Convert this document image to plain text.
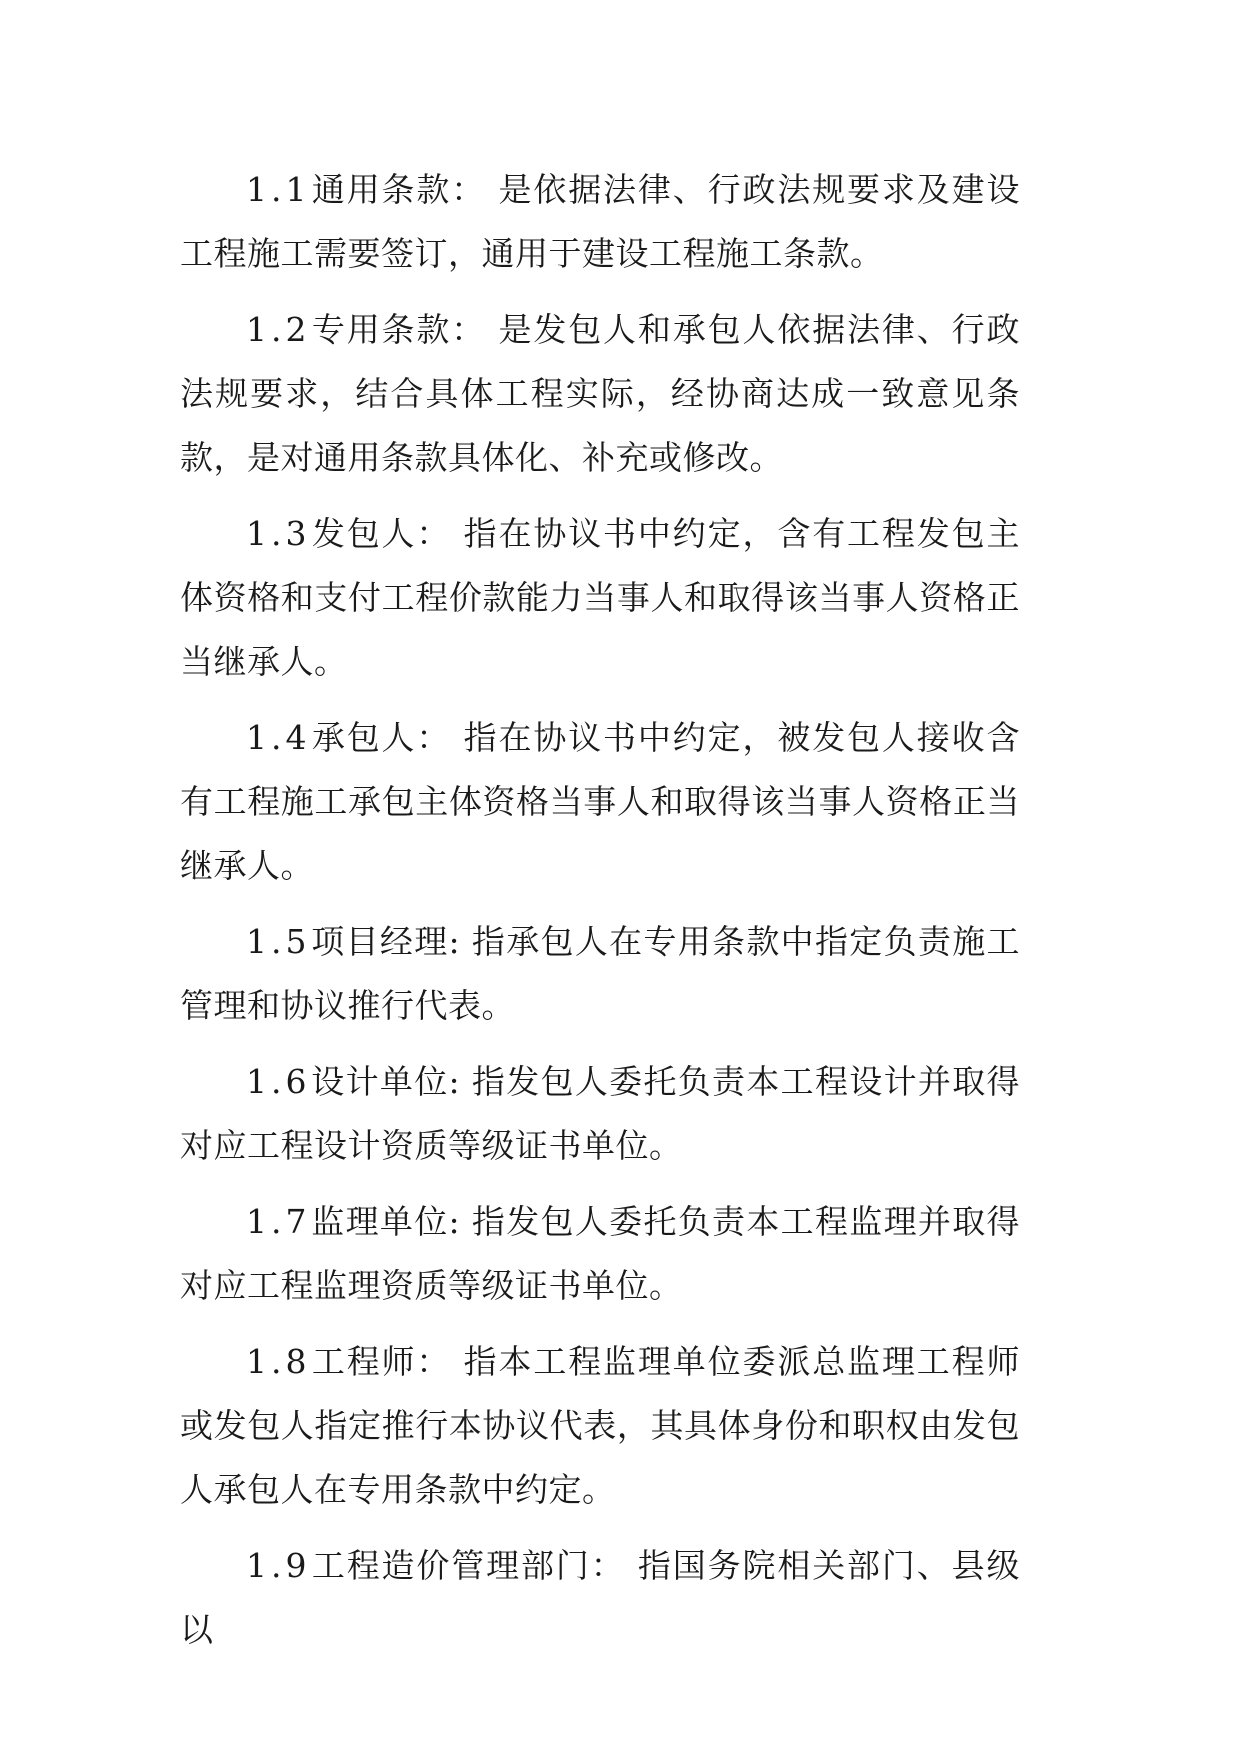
1.1通用条款： 是依据法律、行政法规要求及建设工程施工需要签订，通用于建设工程施工条款。

1.2专用条款： 是发包人和承包人依据法律、行政法规要求，结合具体工程实际，经协商达成一致意见条款，是对通用条款具体化、补充或修改。

1.3发包人： 指在协议书中约定，含有工程发包主体资格和支付工程价款能力当事人和取得该当事人资格正当继承人。

1.4承包人： 指在协议书中约定，被发包人接收含有工程施工承包主体资格当事人和取得该当事人资格正当继承人。

1.5项目经理: 指承包人在专用条款中指定负责施工管理和协议推行代表。

1.6设计单位: 指发包人委托负责本工程设计并取得对应工程设计资质等级证书单位。

1.7监理单位: 指发包人委托负责本工程监理并取得对应工程监理资质等级证书单位。

1.8工程师： 指本工程监理单位委派总监理工程师或发包人指定推行本协议代表，其具体身份和职权由发包人承包人在专用条款中约定。

1.9工程造价管理部门： 指国务院相关部门、县级以
